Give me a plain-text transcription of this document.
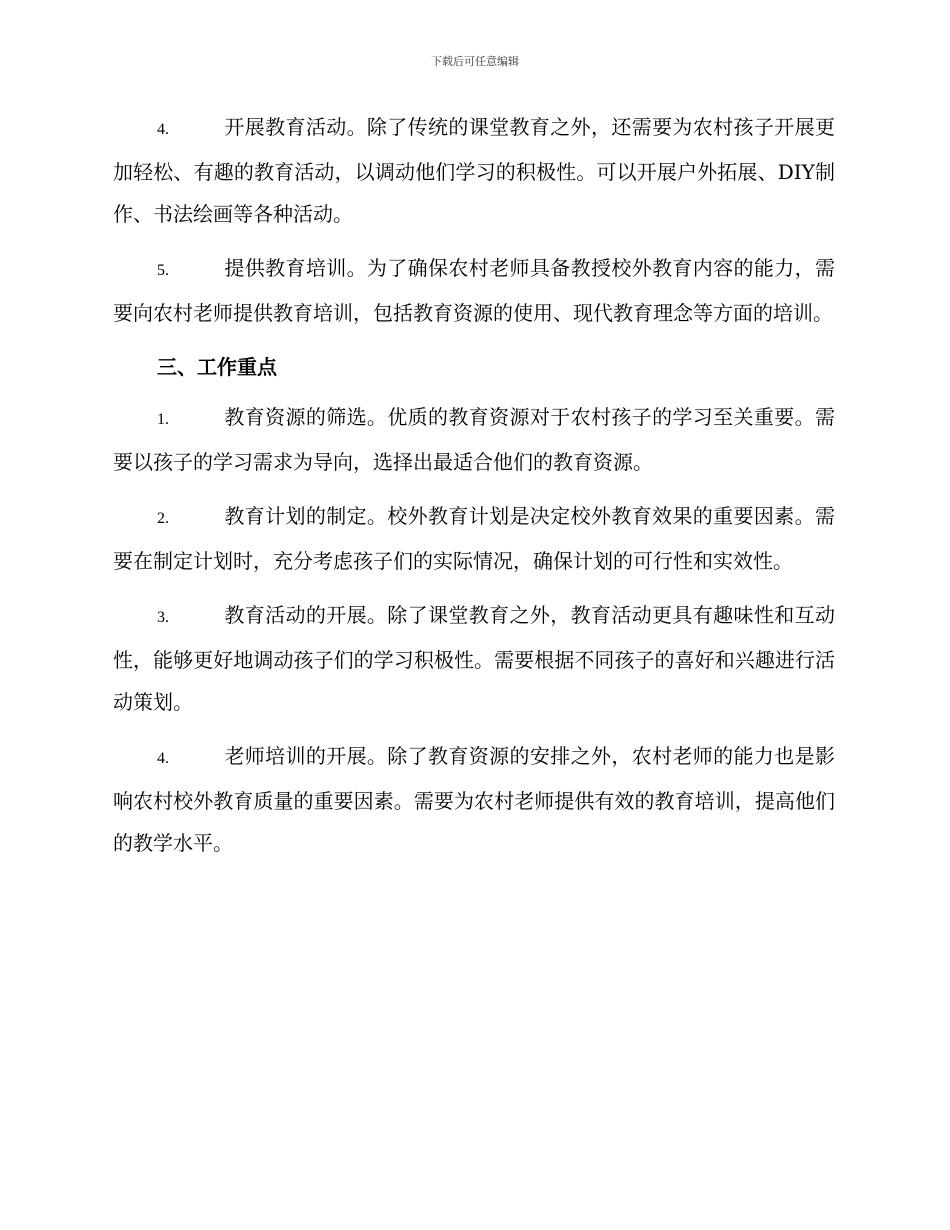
下载后可任意编辑

4.	开展教育活动。除了传统的课堂教育之外，还需要为农村孩子开展更加轻松、有趣的教育活动，以调动他们学习的积极性。可以开展户外拓展、DIY制作、书法绘画等各种活动。

5.	提供教育培训。为了确保农村老师具备教授校外教育内容的能力，需要向农村老师提供教育培训，包括教育资源的使用、现代教育理念等方面的培训。

三、工作重点

1.	教育资源的筛选。优质的教育资源对于农村孩子的学习至关重要。需要以孩子的学习需求为导向，选择出最适合他们的教育资源。

2.	教育计划的制定。校外教育计划是决定校外教育效果的重要因素。需要在制定计划时，充分考虑孩子们的实际情况，确保计划的可行性和实效性。

3.	教育活动的开展。除了课堂教育之外，教育活动更具有趣味性和互动性，能够更好地调动孩子们的学习积极性。需要根据不同孩子的喜好和兴趣进行活动策划。

4.	老师培训的开展。除了教育资源的安排之外，农村老师的能力也是影响农村校外教育质量的重要因素。需要为农村老师提供有效的教育培训，提高他们的教学水平。
